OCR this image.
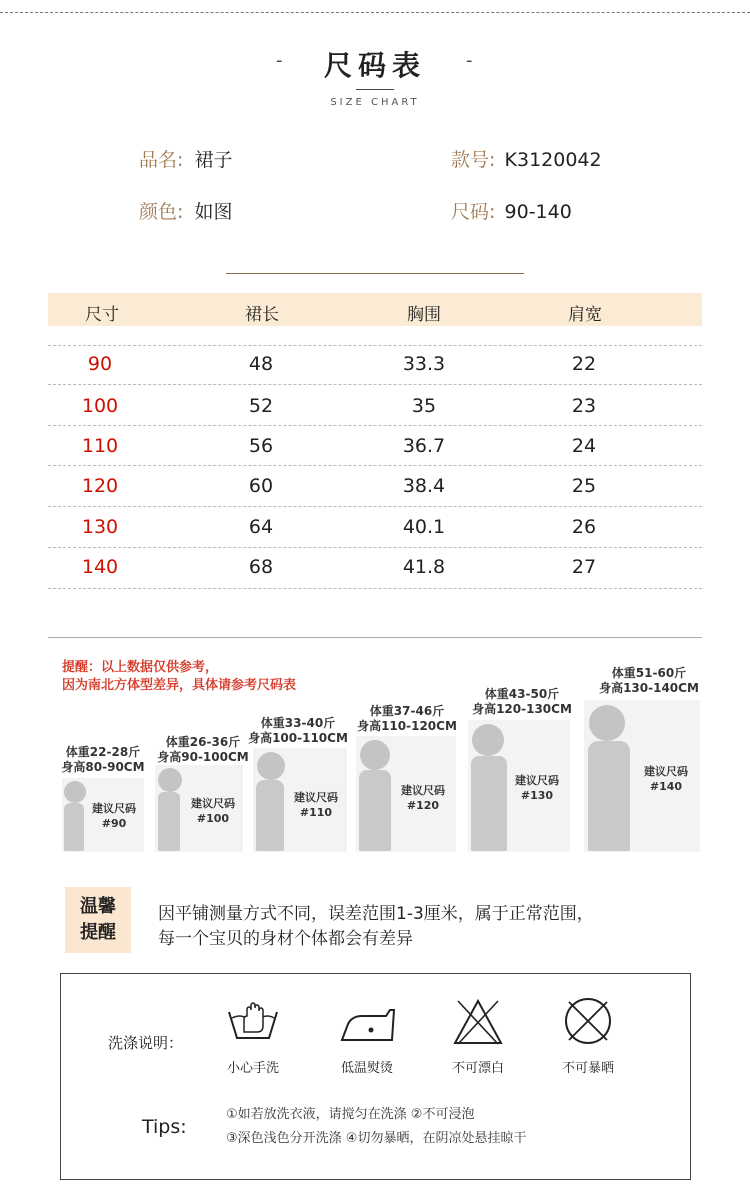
-	尺码表	-
SIZE CHART
品名: 裙子	款号: K3120042
颜色: 如图	尺码: 90-140
尺寸	裙长	胸围	肩宽
90	48	33.3	22
100	52	35	23
110	56	36.7	24
120	60	38.4	25
130	64	40.1	26
140	68	41.8	27
提醒：以上数据仅供参考，
因为南北方体型差异，具体请参考尺码表
体重22-28斤
身高80-90CM
建议尺码
#90
体重26-36斤
身高90-100CM
建议尺码
#100
体重33-40斤
身高100-110CM
建议尺码
#110
体重37-46斤
身高110-120CM
建议尺码
#120
体重43-50斤
身高120-130CM
建议尺码
#130
体重51-60斤
身高130-140CM
建议尺码
#140
温馨
提醒
因平铺测量方式不同，误差范围1-3厘米，属于正常范围，
每一个宝贝的身材个体都会有差异
洗涤说明：
小心手洗	低温熨烫	不可漂白	不可暴晒
Tips:
①如若放洗衣液，请搅匀在洗涤 ②不可浸泡
③深色浅色分开洗涤 ④切勿暴晒，在阴凉处悬挂晾干
